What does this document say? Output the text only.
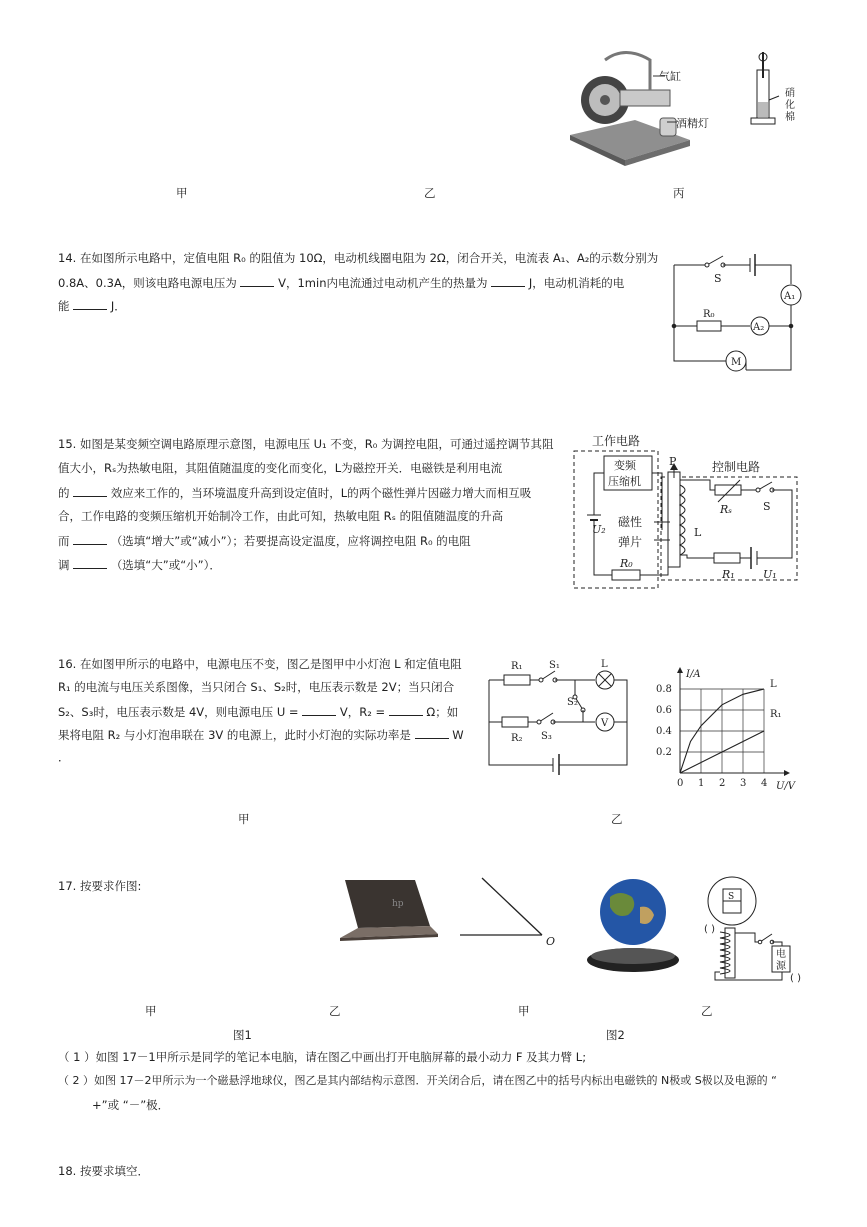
气缸
酒精灯
硝
化
棉
甲	乙	丙
14. 在如图所示电路中，定值电阻 R₀ 的阻值为 10Ω，电动机线圈电阻为 2Ω，闭合开关，电流表 A₁、A₂的示数分别为
0.8A、0.3A，则该电路电源电压为	V，1min内电流通过电动机产生的热量为	J，电动机消耗的电
能	J．
S
A₁
R₀
A₂
M
15. 如图是某变频空调电路原理示意图，电源电压 U₁ 不变，R₀ 为调控电阻，可通过遥控调节其阻
值大小，Rₛ为热敏电阻，其阻值随温度的变化而变化，L为磁控开关．电磁铁是利用电流
的	效应来工作的，当环境温度升高到设定值时，L的两个磁性弹片因磁力增大而相互吸
合，工作电路的变频压缩机开始制冷工作，由此可知，热敏电阻 Rₛ 的阻值随温度的升高
而	（选填“增大”或“减小”）；若要提高设定温度，应将调控电阻 R₀ 的电阻
调	（选填“大”或“小”）．
工作电路
控制电路
变频
压缩机
P
磁性
弹片
L
Rₛ	S
U₂
R₀
R₁	U₁
16. 在如图甲所示的电路中，电源电压不变，图乙是图甲中小灯泡 L 和定值电阻
R₁ 的电流与电压关系图像，当只闭合 S₁、S₂时，电压表示数是 2V；当只闭合
S₂、S₃时，电压表示数是 4V，则电源电压 U =	V，R₂ =	Ω；如
果将电阻 R₂ 与小灯泡串联在 3V 的电源上，此时小灯泡的实际功率是	W
．
R₁	S₁	L
S₂
V
R₂ S₃
0 1 2 3 4
0.2
0.4
0.6
0.8
I/A
U/V
L
R₁
甲	乙
17. 按要求作图:
hp
O
S
电
源
( )
( )
甲	乙	甲	乙
图1	图2
（ 1 ）如图 17－1甲所示是同学的笔记本电脑，请在图乙中画出打开电脑屏幕的最小动力 F 及其力臂 L;
（ 2 ）如图 17－2甲所示为一个磁悬浮地球仪，图乙是其内部结构示意图．开关闭合后，请在图乙中的括号内标出电磁铁的 N极或 S极以及电源的 “
+”或 “－”极．
18. 按要求填空．
